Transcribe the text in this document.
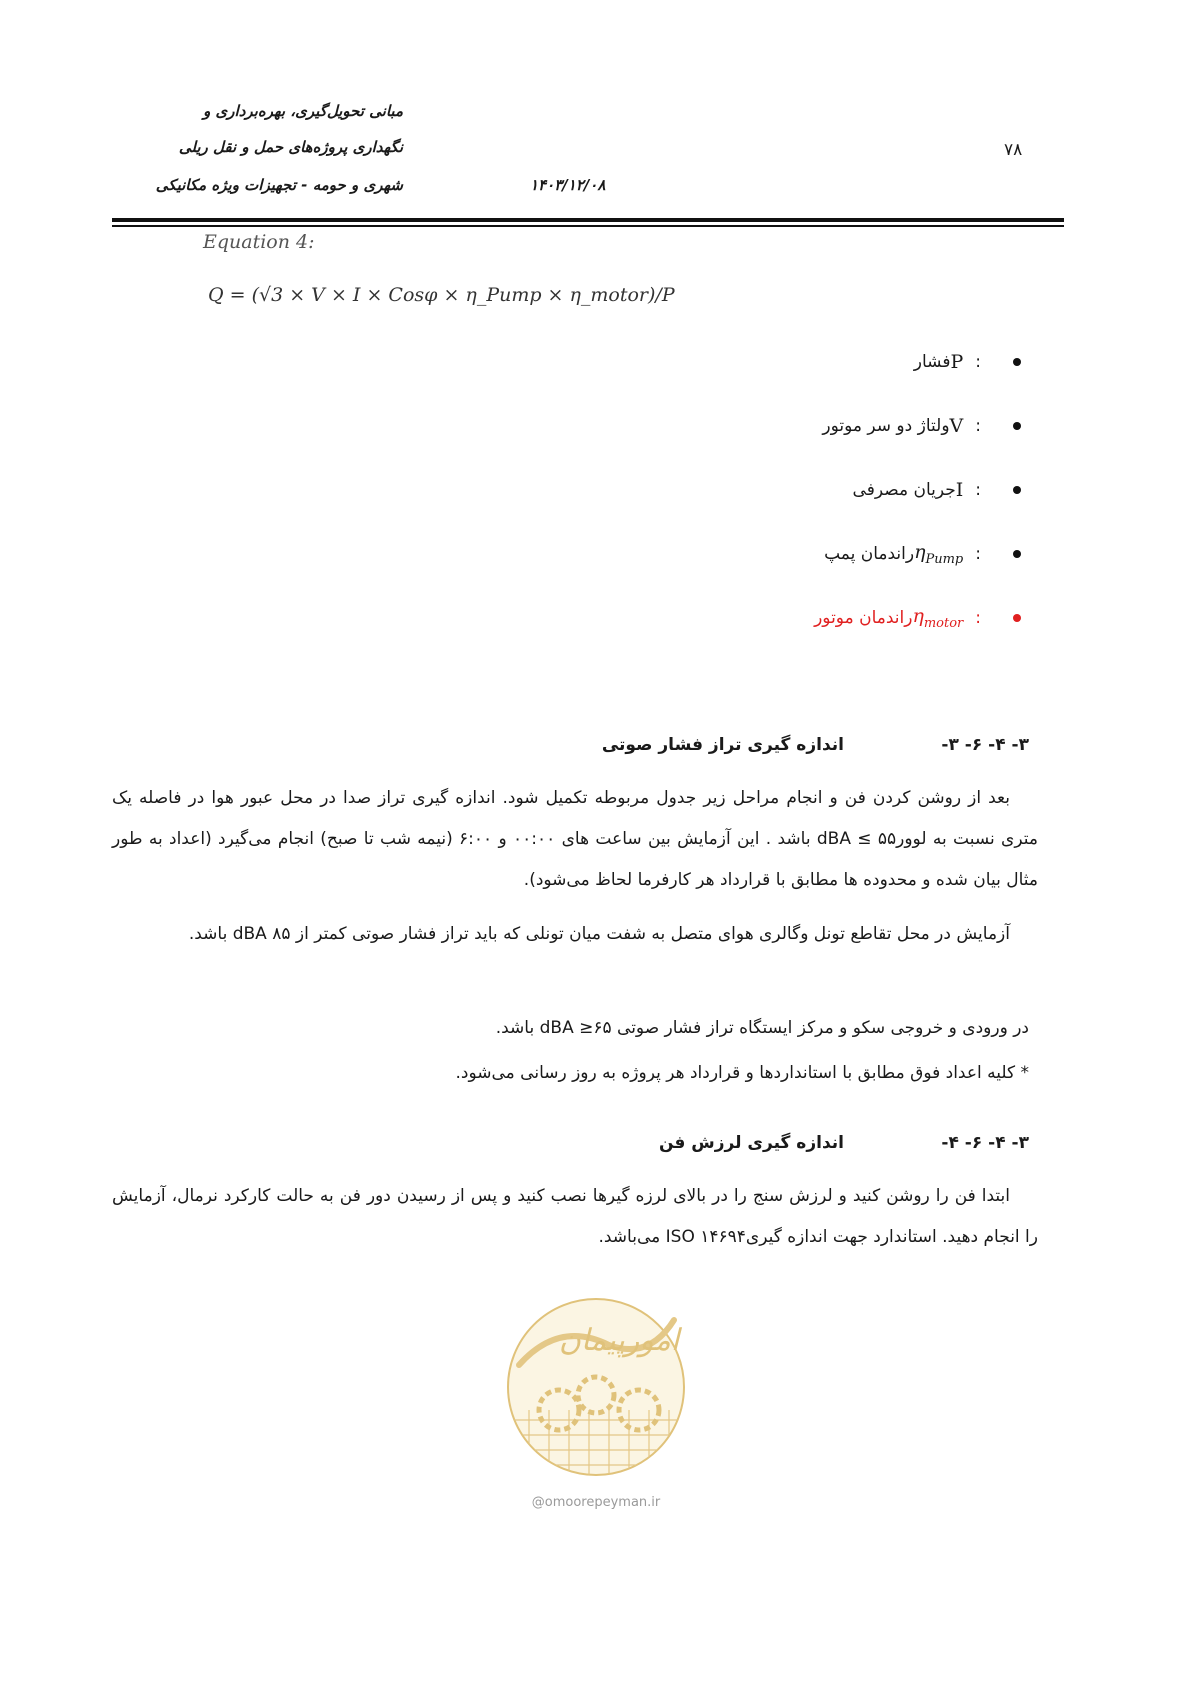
مبانی تحویل‌گیری، بهره‌برداری و
نگهداری پروژه‌های حمل و نقل ریلی
شهری و حومه - تجهیزات ویژه مکانیکی	۱۴۰۳/۱۲/۰۸
۷۸
Equation 4:
Q = (√3 × V × I × Cosφ × η_Pump × η_motor)/P
:
P
فشار
:
V
ولتاژ دو سر موتور
:
I
جریان مصرفی
:
$\eta_{Pump}$
راندمان پمپ
:
$\eta_{motor}$
راندمان موتور
۳- ۴- ۶- ۳-
اندازه گیری تراز فشار صوتی
بعد از روشن کردن فن و انجام مراحل زیر جدول مربوطه تکمیل شود. اندازه گیری تراز صدا در محل عبور هوا در فاصله یک متری نسبت به لوور۵۵ ≥ dBA باشد . این آزمایش بین ساعت های ۰۰:۰۰ و ۶:۰۰ (نیمه شب تا صبح) انجام می‌گیرد (اعداد به طور مثال بیان شده و محدوده ها مطابق با قرارداد هر کارفرما لحاظ می‌شود).
آزمایش در محل تقاطع تونل وگالری هوای متصل به شفت میان تونلی که باید تراز فشار صوتی کمتر از ۸۵ dBA باشد.
در ورودی و خروجی سکو و مرکز ایستگاه تراز فشار صوتی dBA ≥۶۵ باشد.
* کلیه اعداد فوق مطابق با استانداردها و قرارداد هر پروژه به روز رسانی می‌شود.
۳- ۴- ۶- ۴-
اندازه گیری لرزش فن
ابتدا فن را روشن کنید و لرزش سنج را در بالای لرزه گیرها نصب کنید و پس از رسیدن دور فن به حالت کارکرد نرمال، آزمایش را انجام دهید. استاندارد جهت اندازه گیری۱۴۶۹۴ ISO می‌باشد.
امورپیمان
@omoorepeyman.ir
